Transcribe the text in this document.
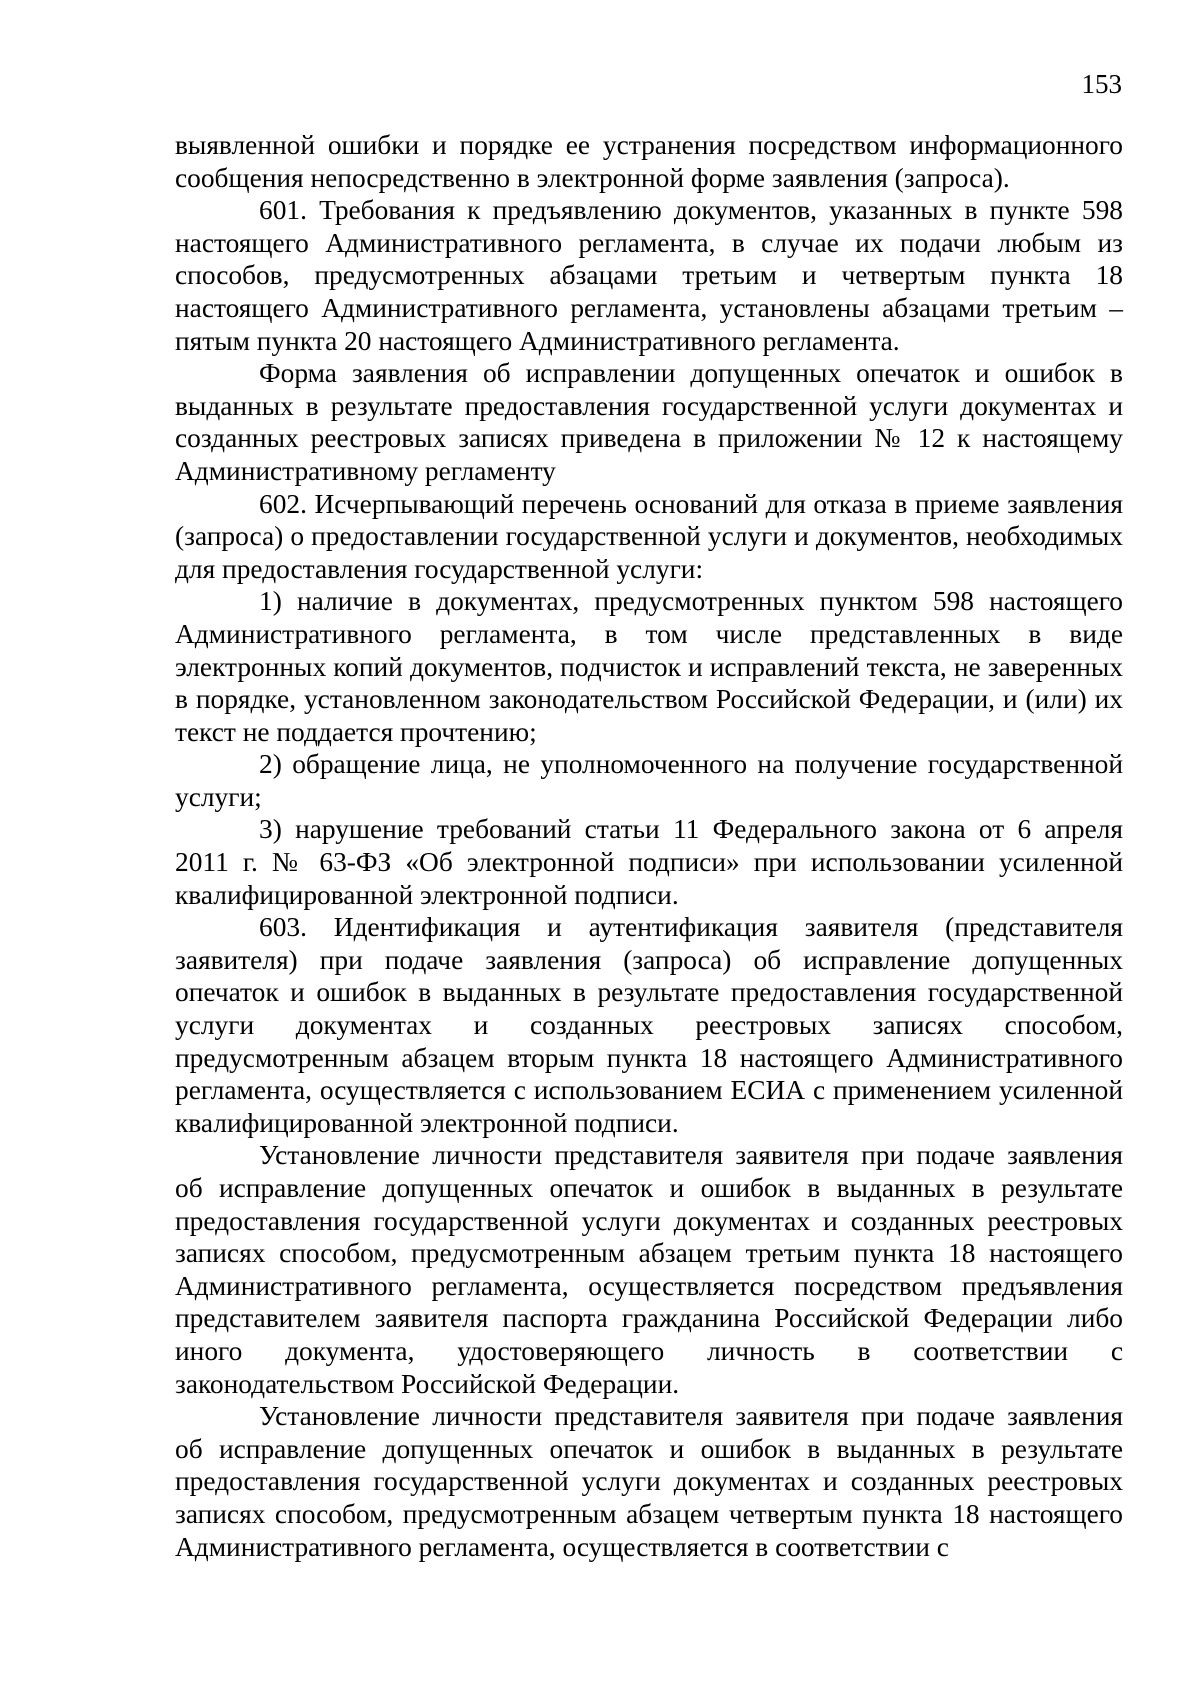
153

выявленной ошибки и порядке ее устранения посредством информационного сообщения непосредственно в электронной форме заявления (запроса).

601. Требования к предъявлению документов, указанных в пункте 598 настоящего Административного регламента, в случае их подачи любым из способов, предусмотренных абзацами третьим и четвертым пункта 18 настоящего Административного регламента, установлены абзацами третьим – пятым пункта 20 настоящего Административного регламента.

Форма заявления об исправлении допущенных опечаток и ошибок в выданных в результате предоставления государственной услуги документах и созданных реестровых записях приведена в приложении № 12 к настоящему Административному регламенту

602. Исчерпывающий перечень оснований для отказа в приеме заявления (запроса) о предоставлении государственной услуги и документов, необходимых для предоставления государственной услуги:

1) наличие в документах, предусмотренных пунктом 598 настоящего Административного регламента, в том числе представленных в виде электронных копий документов, подчисток и исправлений текста, не заверенных в порядке, установленном законодательством Российской Федерации, и (или) их текст не поддается прочтению;

2) обращение лица, не уполномоченного на получение государственной услуги;

3) нарушение требований статьи 11 Федерального закона от 6 апреля 2011 г. № 63-ФЗ «Об электронной подписи» при использовании усиленной квалифицированной электронной подписи.

603. Идентификация и аутентификация заявителя (представителя заявителя) при подаче заявления (запроса) об исправление допущенных опечаток и ошибок в выданных в результате предоставления государственной услуги документах и созданных реестровых записях способом, предусмотренным абзацем вторым пункта 18 настоящего Административного регламента, осуществляется с использованием ЕСИА с применением усиленной квалифицированной электронной подписи.

Установление личности представителя заявителя при подаче заявления об исправление допущенных опечаток и ошибок в выданных в результате предоставления государственной услуги документах и созданных реестровых записях способом, предусмотренным абзацем третьим пункта 18 настоящего Административного регламента, осуществляется посредством предъявления представителем заявителя паспорта гражданина Российской Федерации либо иного документа, удостоверяющего личность в соответствии с законодательством Российской Федерации.

Установление личности представителя заявителя при подаче заявления об исправление допущенных опечаток и ошибок в выданных в результате предоставления государственной услуги документах и созданных реестровых записях способом, предусмотренным абзацем четвертым пункта 18 настоящего Административного регламента, осуществляется в соответствии с
